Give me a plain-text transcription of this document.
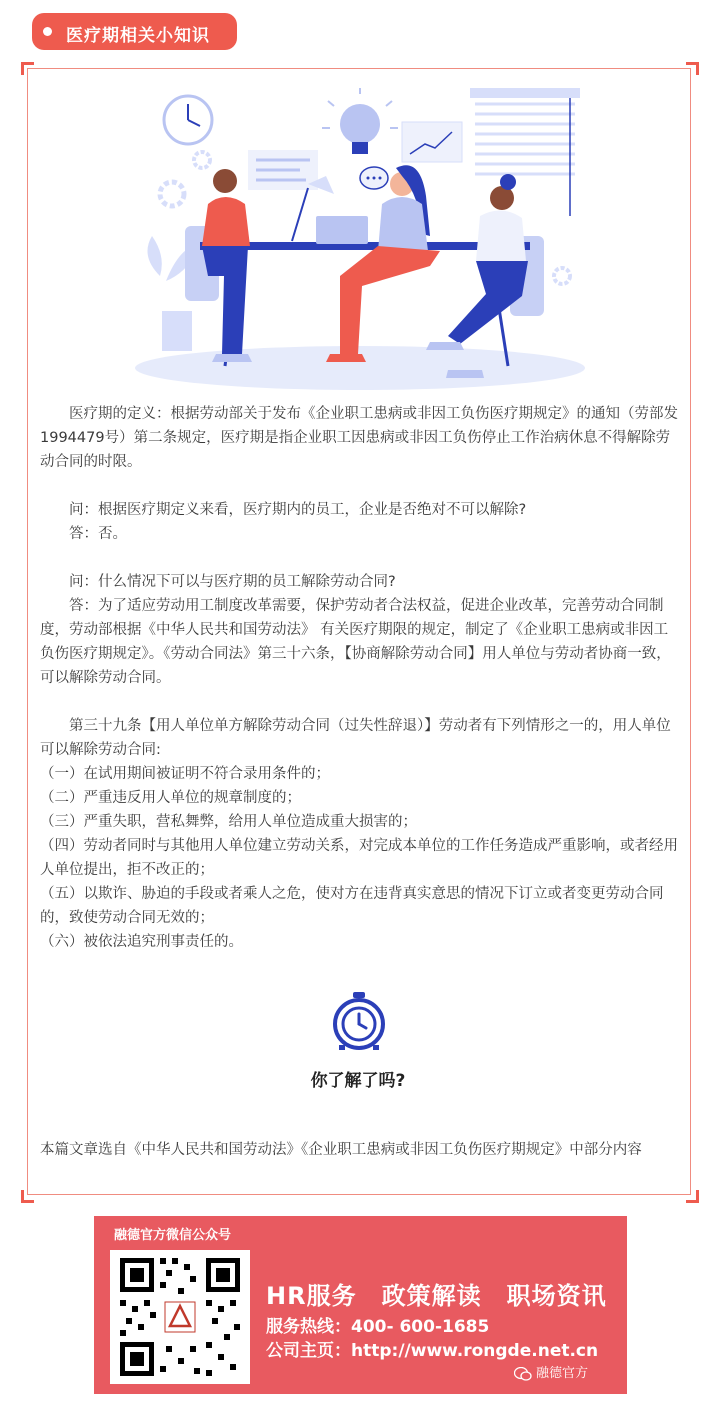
医疗期相关小知识

医疗期的定义：根据劳动部关于发布《企业职工患病或非因工负伤医疗期规定》的通知（劳部发1994479号）第二条规定，医疗期是指企业职工因患病或非因工负伤停止工作治病休息不得解除劳动合同的时限。

问：根据医疗期定义来看，医疗期内的员工，企业是否绝对不可以解除?

答：否。

问：什么情况下可以与医疗期的员工解除劳动合同?

答：为了适应劳动用工制度改革需要，保护劳动者合法权益，促进企业改革，完善劳动合同制度，劳动部根据《中华人民共和国劳动法》 有关医疗期限的规定，制定了《企业职工患病或非因工负伤医疗期规定》。《劳动合同法》第三十六条，【协商解除劳动合同】用人单位与劳动者协商一致，可以解除劳动合同。

第三十九条【用人单位单方解除劳动合同（过失性辞退）】劳动者有下列情形之一的，用人单位可以解除劳动合同:

（一）在试用期间被证明不符合录用条件的；

（二）严重违反用人单位的规章制度的；

（三）严重失职，营私舞弊，给用人单位造成重大损害的；

（四）劳动者同时与其他用人单位建立劳动关系，对完成本单位的工作任务造成严重影响，或者经用人单位提出，拒不改正的；

（五）以欺诈、胁迫的手段或者乘人之危，使对方在违背真实意思的情况下订立或者变更劳动合同的，致使劳动合同无效的；

（六）被依法追究刑事责任的。

你了解了吗?
本篇文章选自《中华人民共和国劳动法》《企业职工患病或非因工负伤医疗期规定》中部分内容
融德官方微信公众号
HR服务　政策解读　职场资讯
服务热线：400- 600-1685
公司主页：http://www.rongde.net.cn
融德官方
